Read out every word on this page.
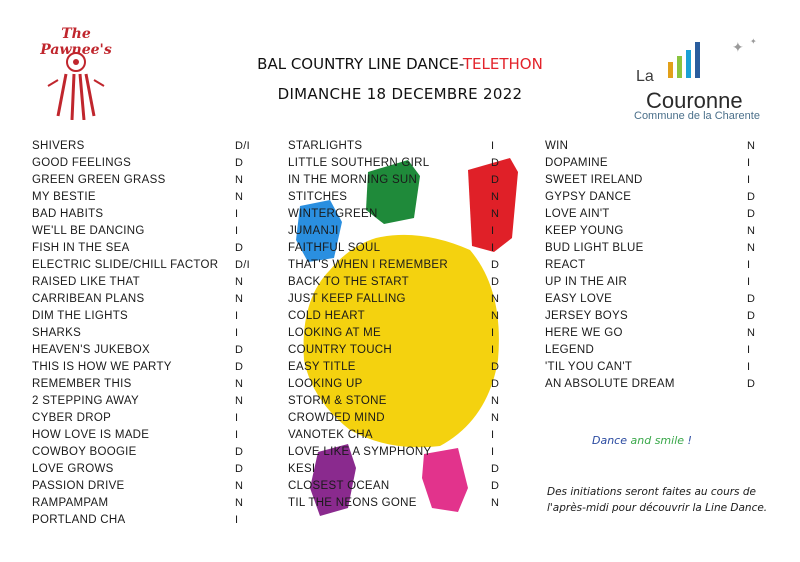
The Pawnee's
BAL COUNTRY LINE DANCE-TELETHON
DIMANCHE 18 DECEMBRE 2022
✦ ✦
La
Couronne
Commune de la Charente
SHIVERS	D/I
GOOD FEELINGS	D
GREEN GREEN GRASS	N
MY BESTIE	N
BAD HABITS	I
WE'LL BE DANCING	I
FISH IN THE SEA	D
ELECTRIC SLIDE/CHILL FACTOR D/I
RAISED LIKE THAT	N
CARRIBEAN PLANS	N
DIM THE LIGHTS	I
SHARKS	I
HEAVEN'S JUKEBOX	D
THIS IS HOW WE PARTY	D
REMEMBER THIS	N
2 STEPPING AWAY	N
CYBER DROP	I
HOW LOVE IS MADE	I
COWBOY BOOGIE	D
LOVE GROWS	D
PASSION DRIVE	N
RAMPAMPAM	N
PORTLAND CHA	I
STARLIGHTS	I
LITTLE SOUTHERN GIRL	D
IN THE MORNING SUN	D
STITCHES	N
WINTERGREEN	N
JUMANJI	I
FAITHFUL SOUL	I
THAT'S WHEN I REMEMBER	D
BACK TO THE START	D
JUST KEEP FALLING	N
COLD HEART	N
LOOKING AT ME	I
COUNTRY TOUCH	I
EASY TITLE	D
LOOKING UP	D
STORM & STONE	N
CROWDED MIND	N
VANOTEK CHA	I
LOVE LIKE A SYMPHONY	I
KESI	D
CLOSEST OCEAN	D
TIL THE NEONS GONE	N
WIN	N
DOPAMINE	I
SWEET IRELAND	I
GYPSY DANCE	D
LOVE AIN'T	D
KEEP YOUNG	N
BUD LIGHT BLUE	N
REACT	I
UP IN THE AIR	I
EASY LOVE	D
JERSEY BOYS	D
HERE WE GO	N
LEGEND	I
'TIL YOU CAN'T	I
AN ABSOLUTE DREAM	D
Dance and smile !
Des initiations seront faites au cours de l'après-midi pour découvrir la Line Dance.
